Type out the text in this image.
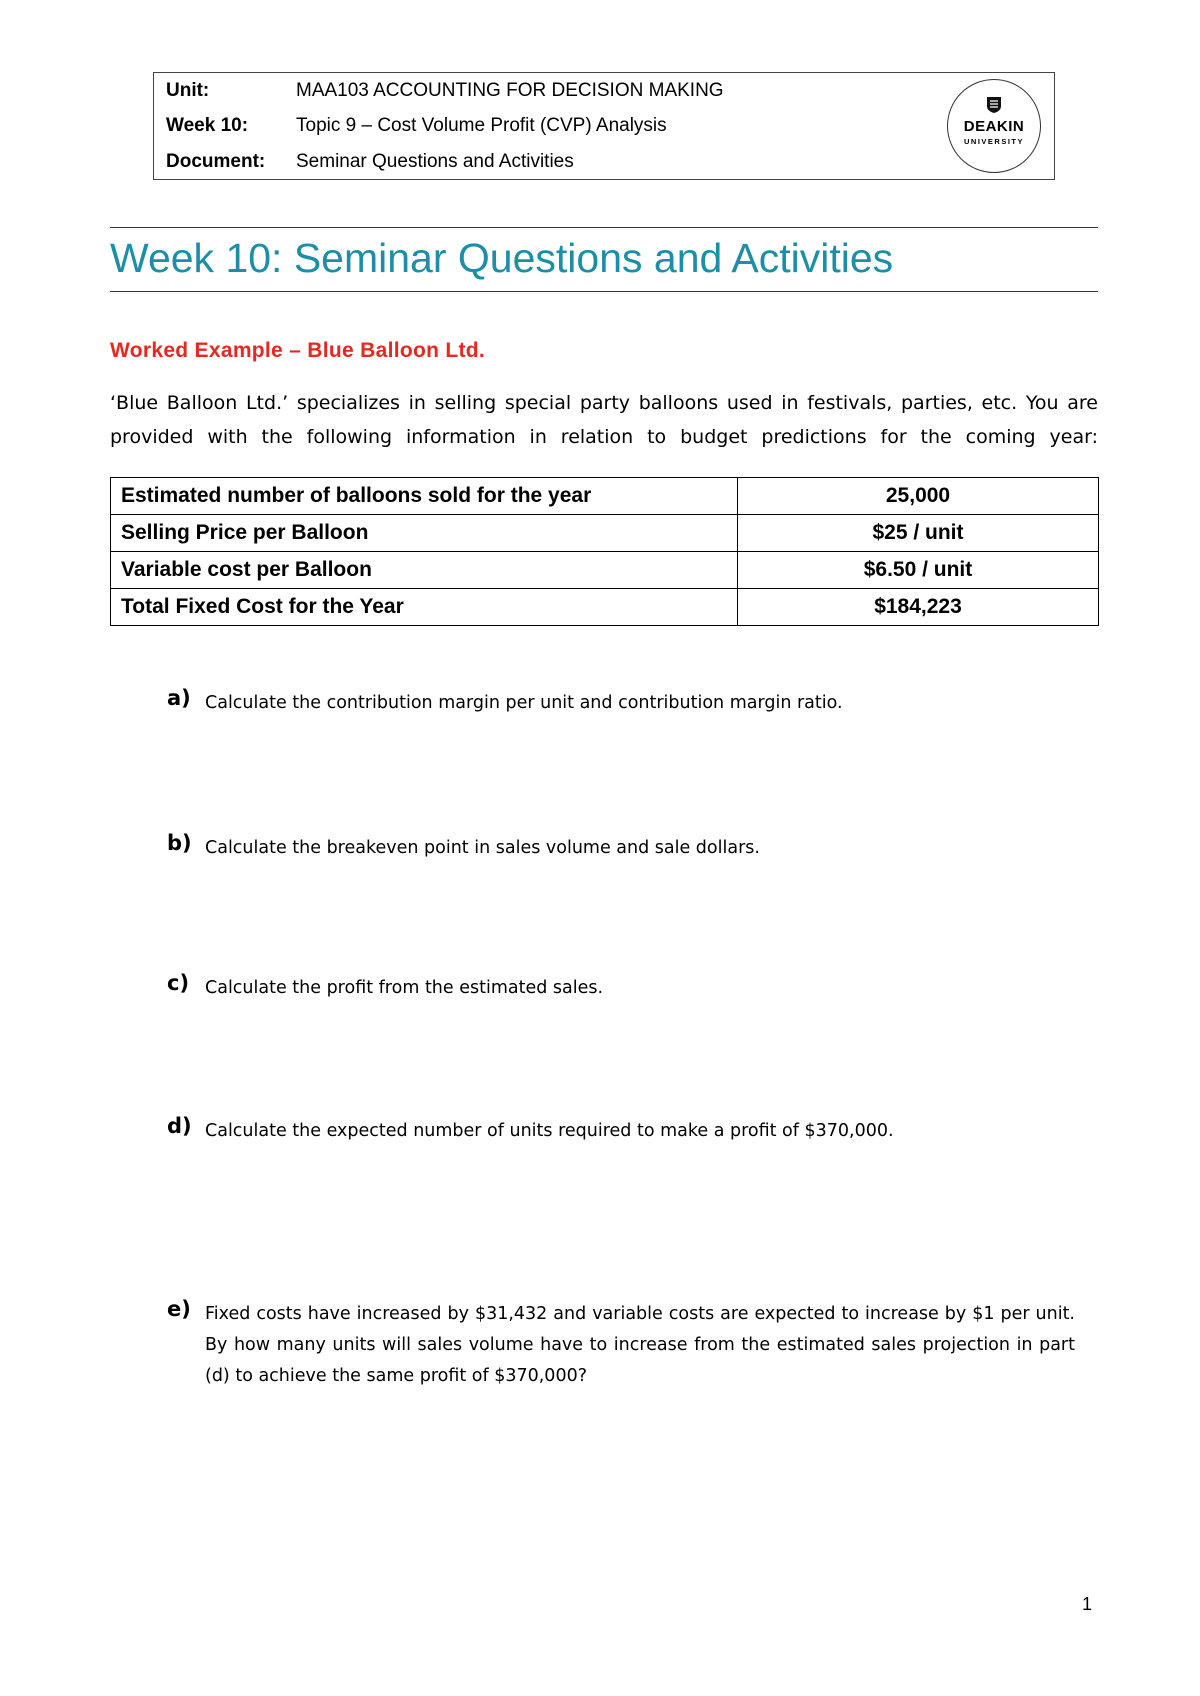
Unit:	MAA103 ACCOUNTING FOR DECISION MAKING
Week 10:	Topic 9 – Cost Volume Profit (CVP) Analysis
Document: Seminar Questions and Activities
DEAKIN
UNIVERSITY
Week 10: Seminar Questions and Activities
Worked Example – Blue Balloon Ltd.
‘Blue Balloon Ltd.’ specializes in selling special party balloons used in festivals, parties, etc. You are
provided with the following information in relation to budget predictions for the coming year:
Estimated number of balloons sold for the year	25,000
Selling Price per Balloon	$25 / unit
Variable cost per Balloon	$6.50 / unit
Total Fixed Cost for the Year	$184,223
a) Calculate the contribution margin per unit and contribution margin ratio.
b) Calculate the breakeven point in sales volume and sale dollars.
c) Calculate the profit from the estimated sales.
d) Calculate the expected number of units required to make a profit of $370,000.
e) Fixed costs have increased by $31,432 and variable costs are expected to increase by $1 per unit. By how many units will sales volume have to increase from the estimated sales projection in part (d) to achieve the same profit of $370,000?
1
